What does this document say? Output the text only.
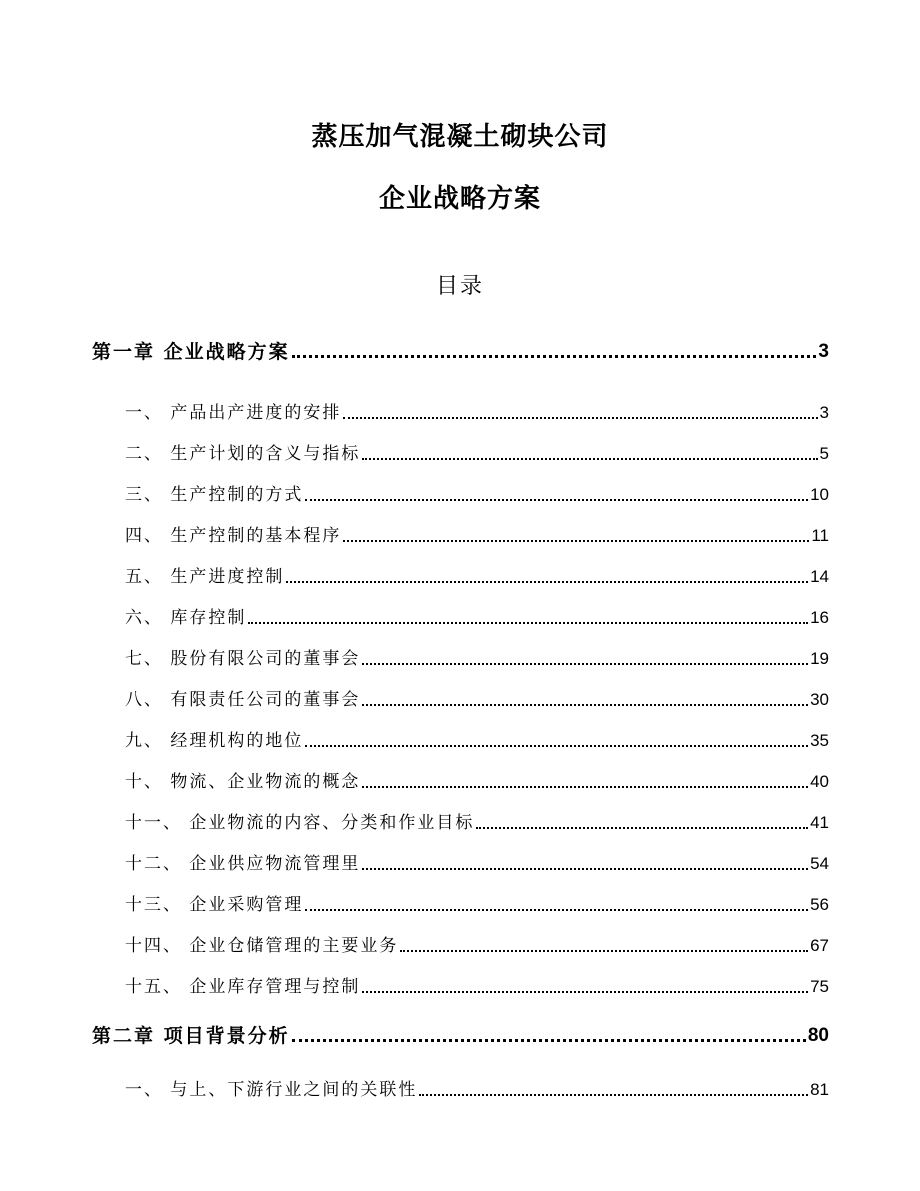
蒸压加气混凝土砌块公司
企业战略方案
目录
第一章 企业战略方案	3
一、 产品出产进度的安排	3
二、 生产计划的含义与指标	5
三、 生产控制的方式	10
四、 生产控制的基本程序	11
五、 生产进度控制	14
六、 库存控制	16
七、 股份有限公司的董事会	19
八、 有限责任公司的董事会	30
九、 经理机构的地位	35
十、 物流、企业物流的概念	40
十一、 企业物流的内容、分类和作业目标	41
十二、 企业供应物流管理里	54
十三、 企业采购管理	56
十四、 企业仓储管理的主要业务	67
十五、 企业库存管理与控制	75
第二章 项目背景分析	80
一、 与上、下游行业之间的关联性	81
